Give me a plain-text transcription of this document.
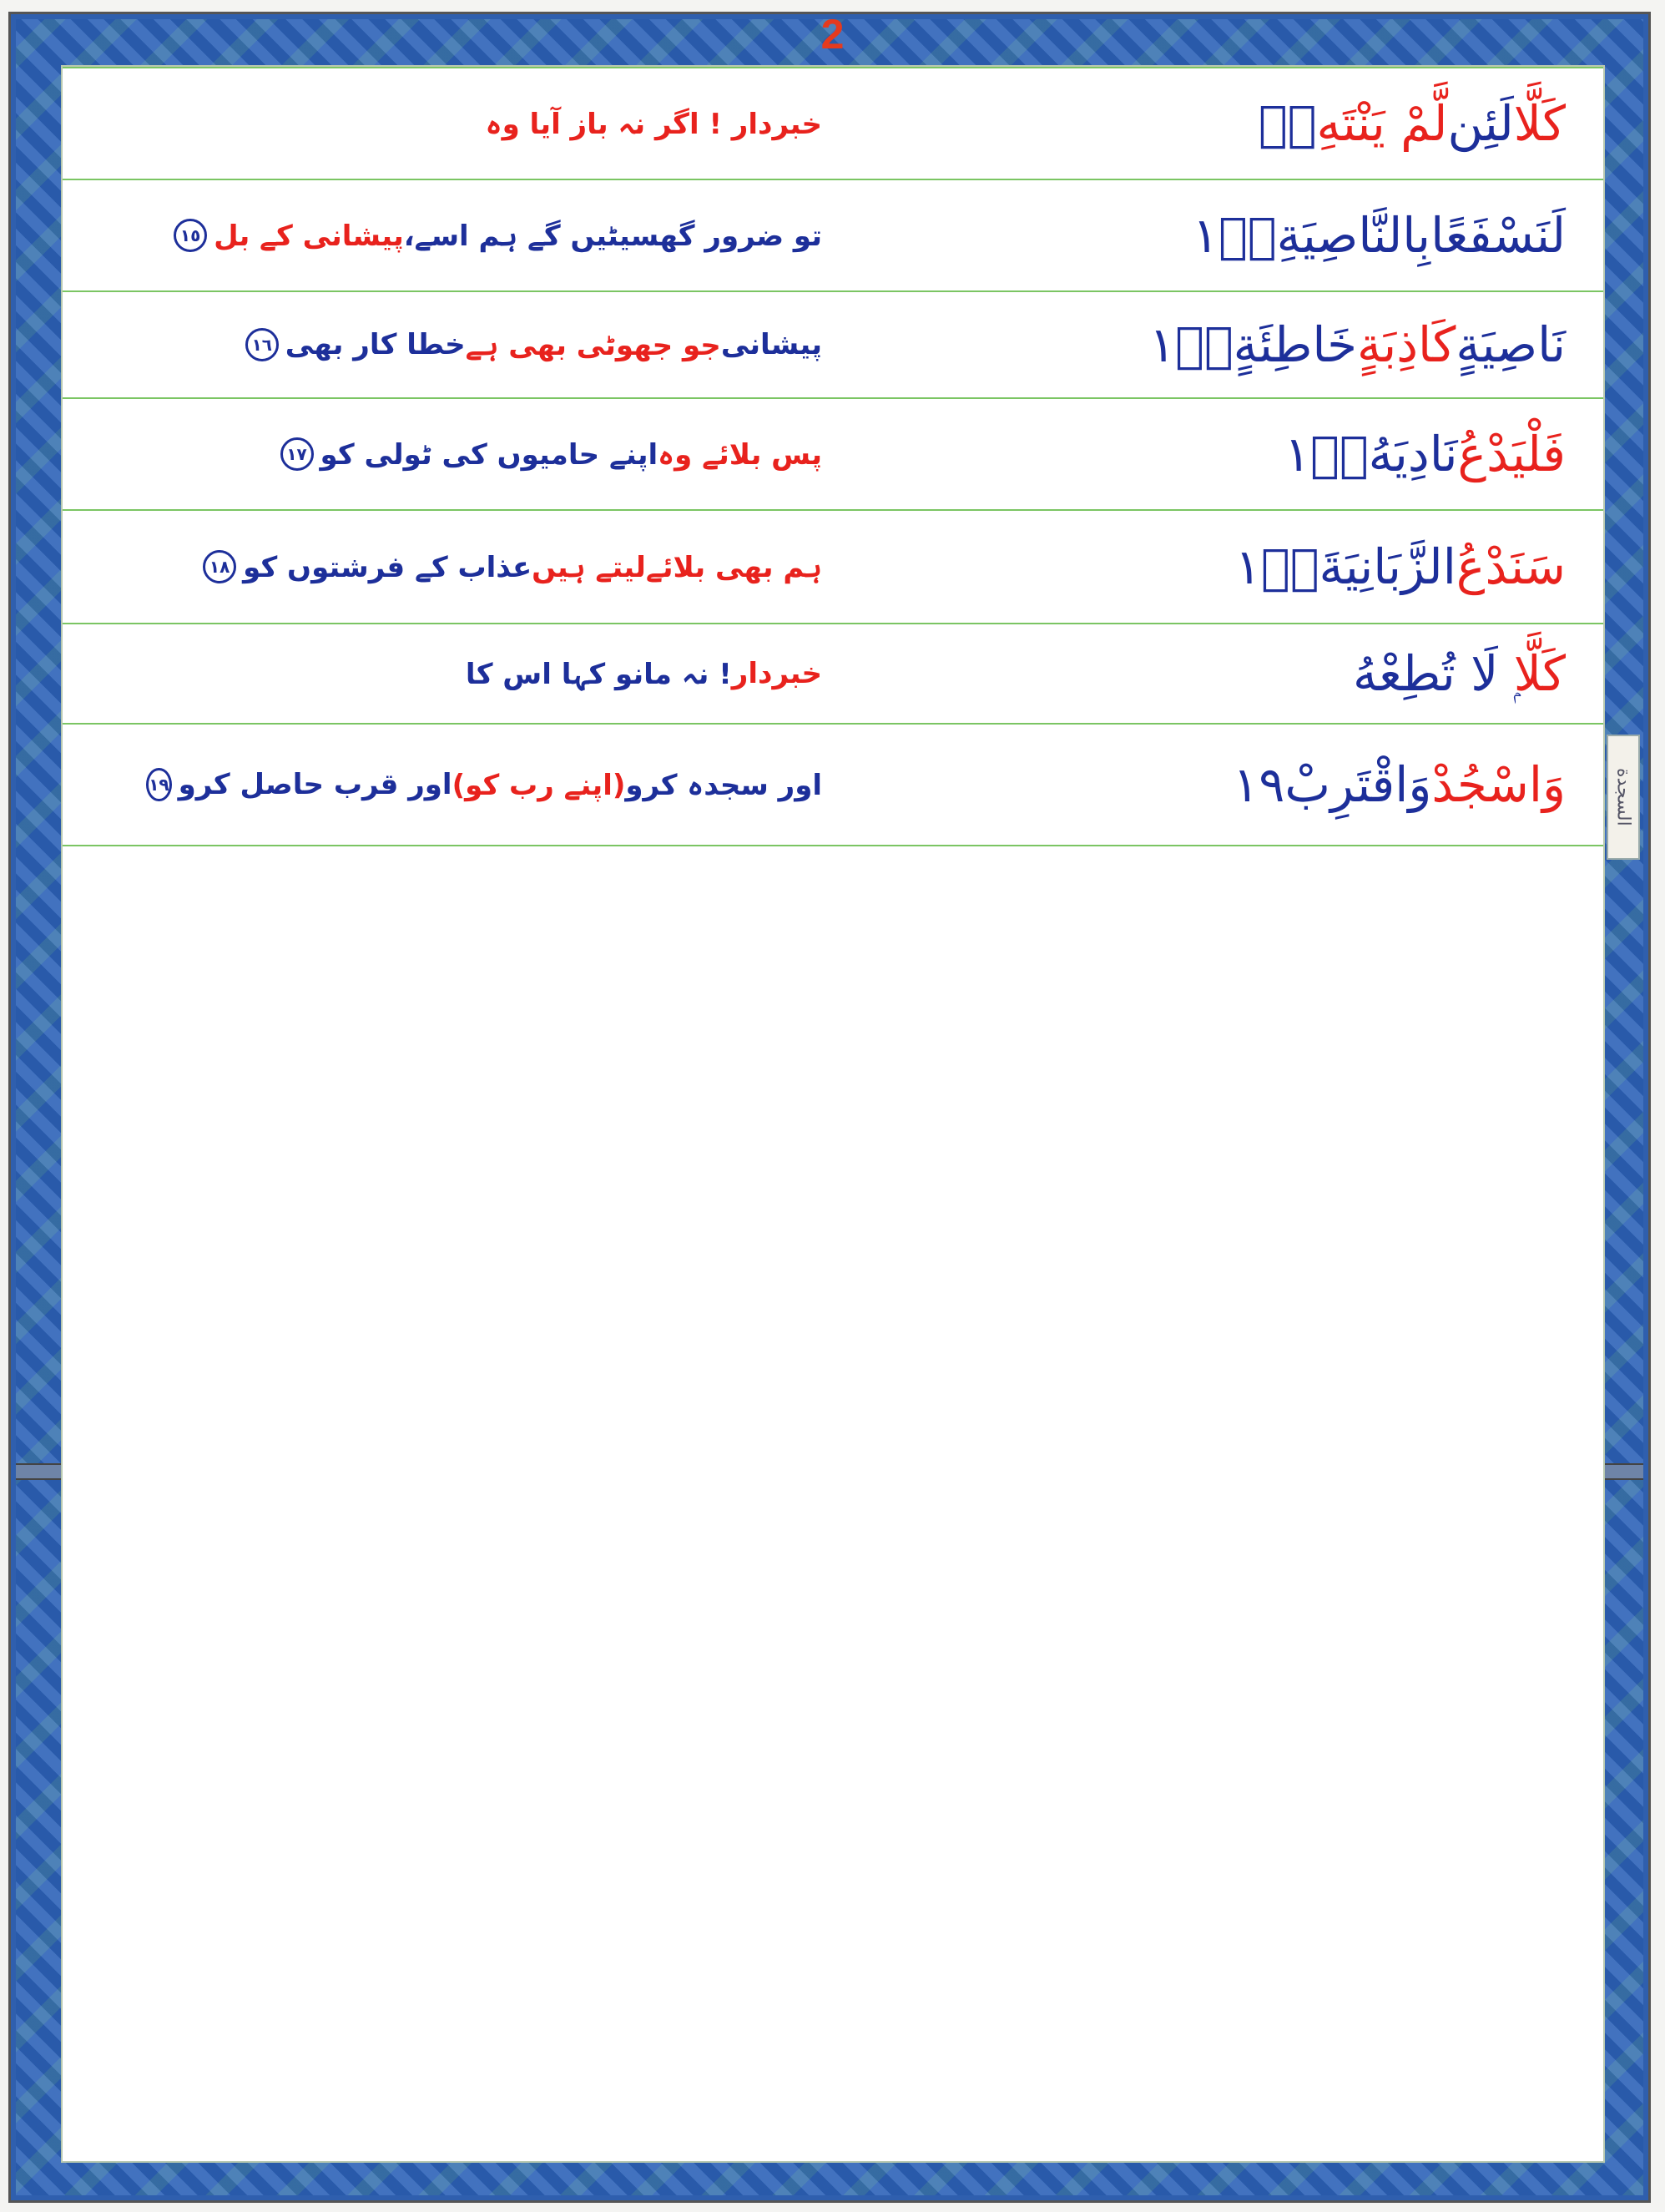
2
كَلَّا
لَئِن
لَّمْ يَنْتَهِ
۵ۙ
خبردار ! اگر نہ باز آیا وہ
لَنَسْفَعًا
بِالنَّاصِيَةِ
١٥ۙ
تو ضرور گھسیٹیں گے ہم اسے،
پیشانی کے بل
١٥
نَاصِيَةٍ
كَاذِبَةٍ
خَاطِئَةٍ
١٦ۚ
پیشانی
جو جھوٹی بھی ہے
خطا کار بھی
١٦
فَلْيَدْعُ
نَادِيَهُ
١٧ۙ
پس بلائے وہ
اپنے حامیوں کی ٹولی کو
١٧
سَنَدْعُ
الزَّبَانِيَةَ
١٨ۙ
ہم بھی بلائے
لیتے ہیں
عذاب کے فرشتوں کو
١٨
كَلَّا
ۭ لَا تُطِعْهُ
خبردار
! نہ مانو کہا اس کا
وَاسْجُدْ
وَاقْتَرِبْ
١٩
اور سجدہ کرو
(اپنے رب کو)
اور قرب حاصل کرو
١٩	السجدة
